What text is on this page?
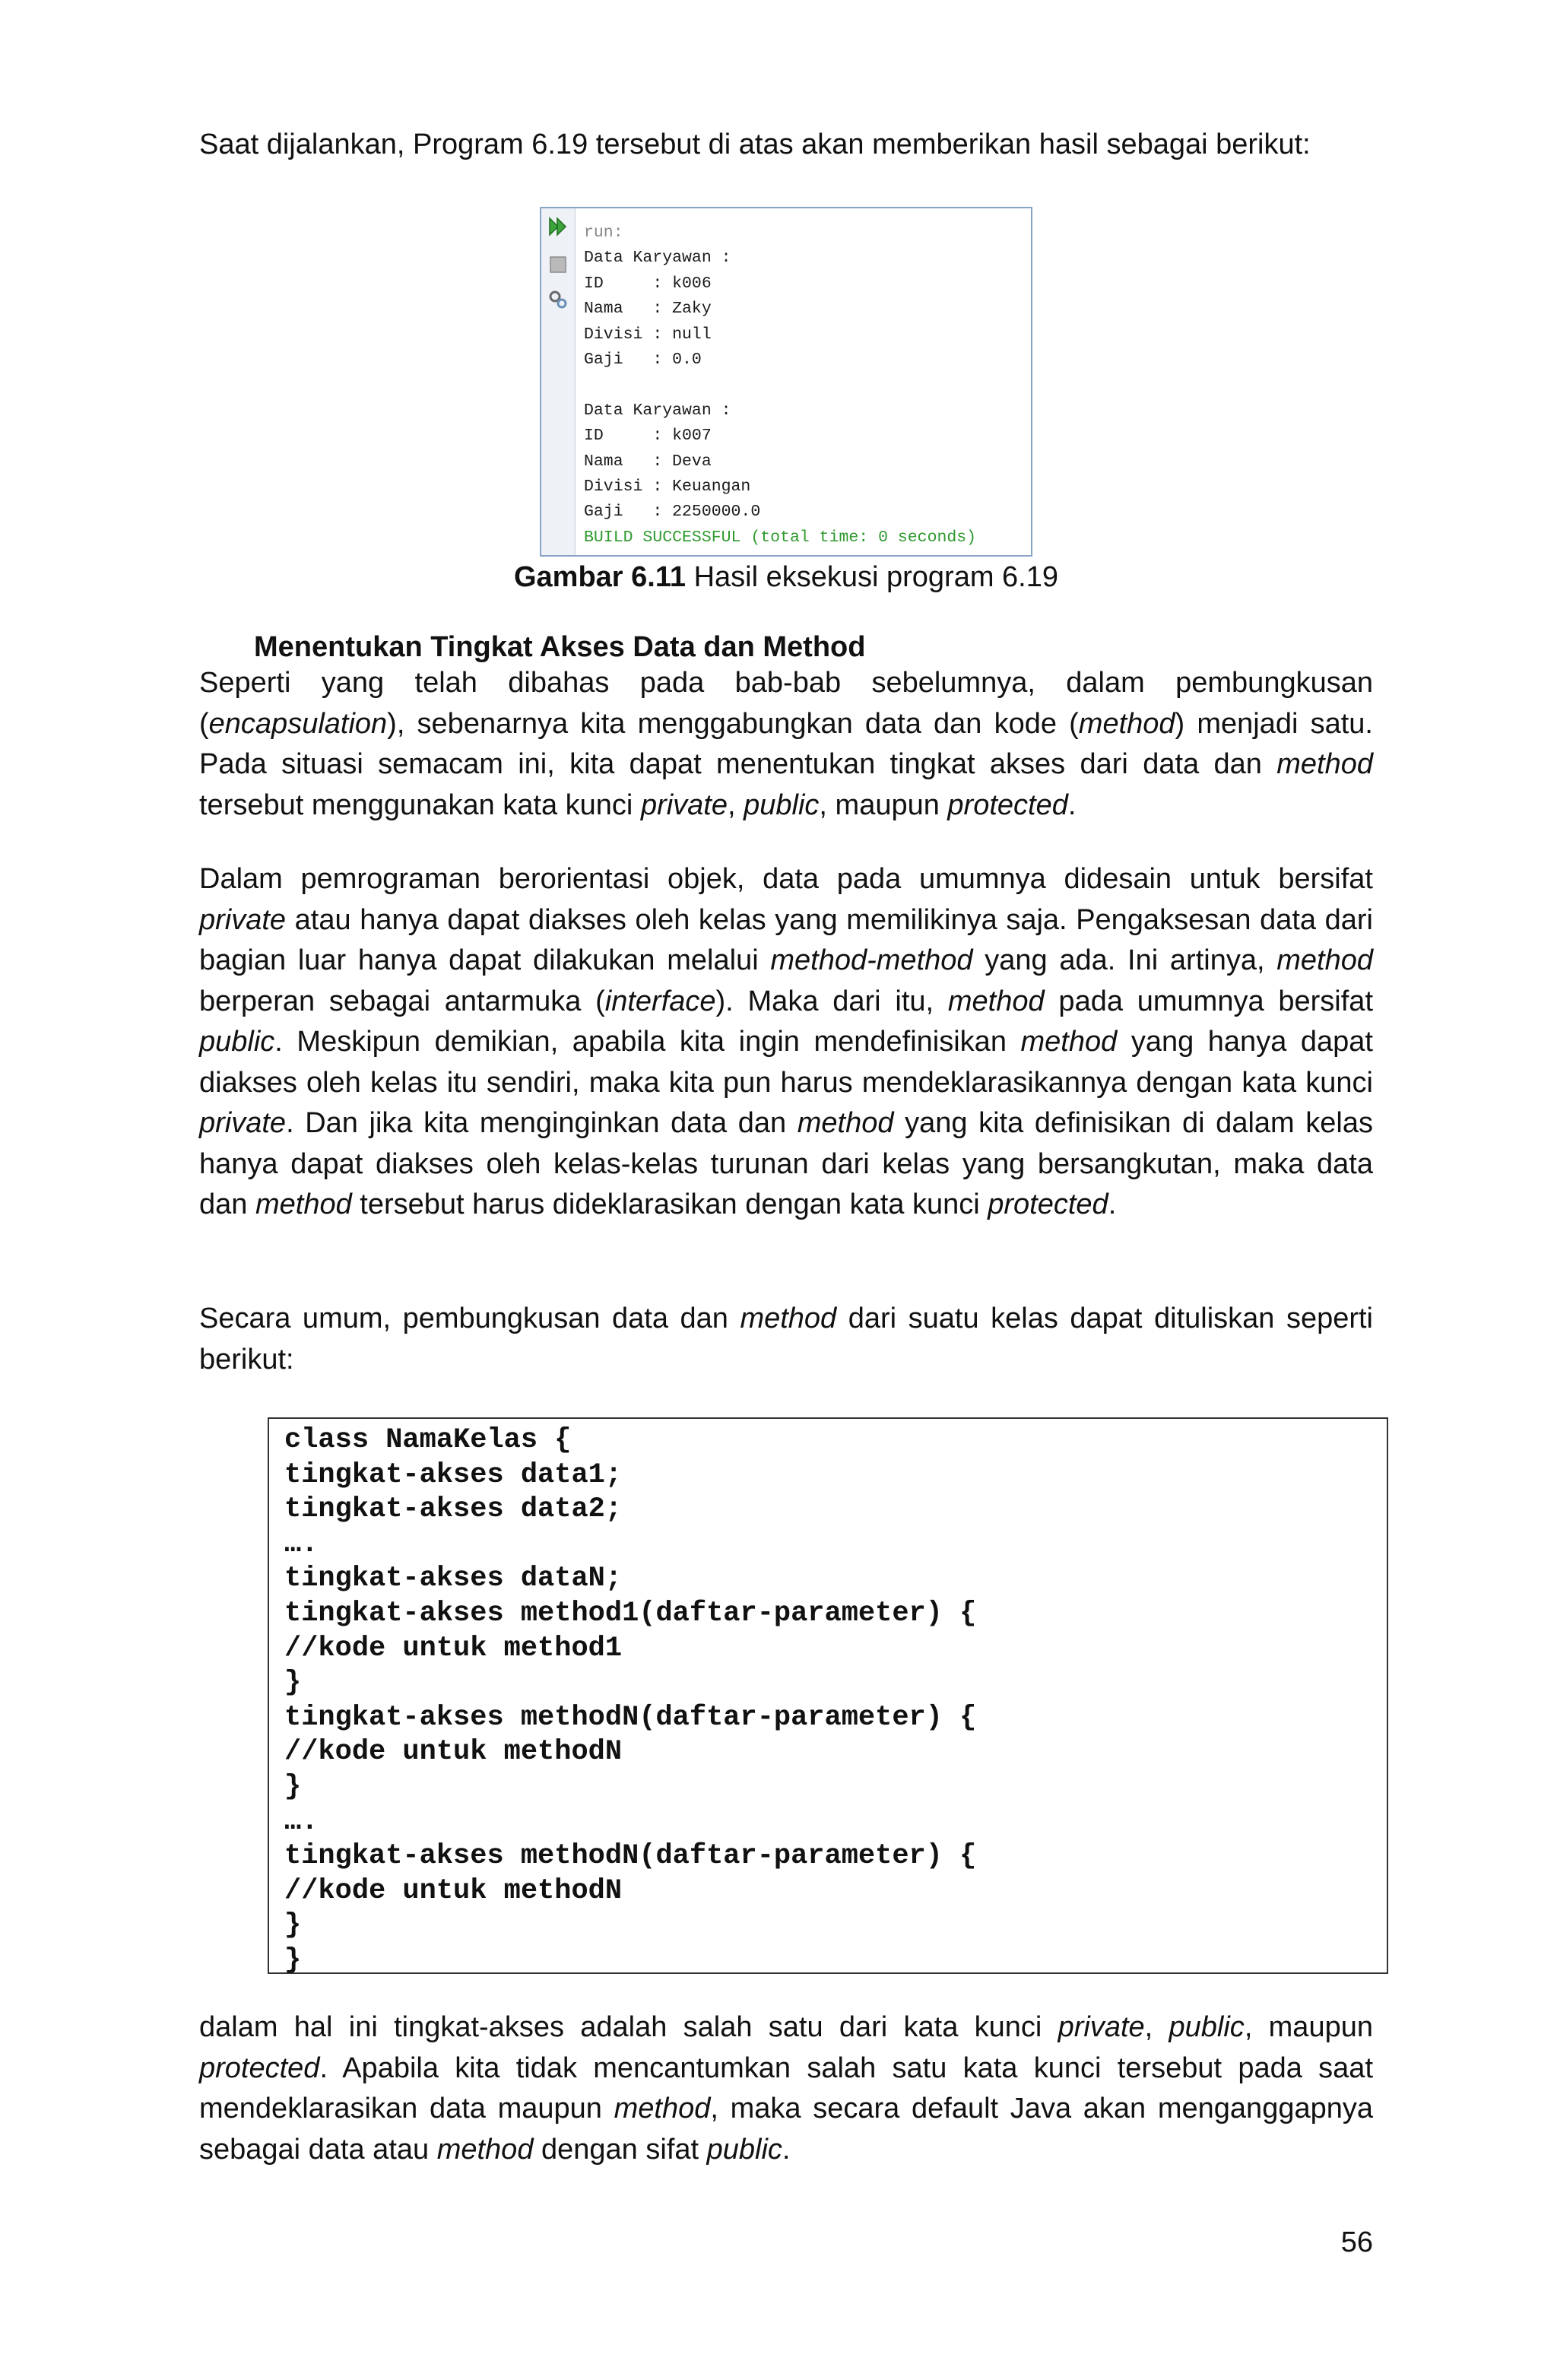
Saat dijalankan, Program 6.19 tersebut di atas akan memberikan hasil sebagai berikut:

run:
Data Karyawan :
ID     : k006
Nama   : Zaky
Divisi : null
Gaji   : 0.0

Data Karyawan :
ID     : k007
Nama   : Deva
Divisi : Keuangan
Gaji   : 2250000.0
BUILD SUCCESSFUL (total time: 0 seconds)
Gambar 6.11 Hasil eksekusi program 6.19
Menentukan Tingkat Akses Data dan Method

Seperti yang telah dibahas pada bab-bab sebelumnya, dalam pembungkusan (encapsulation), sebenarnya kita menggabungkan data dan kode (method) menjadi satu. Pada situasi semacam ini, kita dapat menentukan tingkat akses dari data dan method tersebut menggunakan kata kunci private, public, maupun protected.

Dalam pemrograman berorientasi objek, data pada umumnya didesain untuk bersifat private atau hanya dapat diakses oleh kelas yang memilikinya saja. Pengaksesan data dari bagian luar hanya dapat dilakukan melalui method-method yang ada. Ini artinya, method berperan sebagai antarmuka (interface). Maka dari itu, method pada umumnya bersifat public. Meskipun demikian, apabila kita ingin mendefinisikan method yang hanya dapat diakses oleh kelas itu sendiri, maka kita pun harus mendeklarasikannya dengan kata kunci private. Dan jika kita menginginkan data dan method yang kita definisikan di dalam kelas hanya dapat diakses oleh kelas-kelas turunan dari kelas yang bersangkutan, maka data dan method tersebut harus dideklarasikan dengan kata kunci protected.

Secara umum, pembungkusan data dan method dari suatu kelas dapat dituliskan seperti berikut:

class NamaKelas {
tingkat-akses data1;
tingkat-akses data2;
….
tingkat-akses dataN;
tingkat-akses method1(daftar-parameter) {
//kode untuk method1
}
tingkat-akses methodN(daftar-parameter) {
//kode untuk methodN
}
….
tingkat-akses methodN(daftar-parameter) {
//kode untuk methodN
}
}

dalam hal ini tingkat-akses adalah salah satu dari kata kunci private, public, maupun protected. Apabila kita tidak mencantumkan salah satu kata kunci tersebut pada saat mendeklarasikan data maupun method, maka secara default Java akan menganggapnya sebagai data atau method dengan sifat public.

56
